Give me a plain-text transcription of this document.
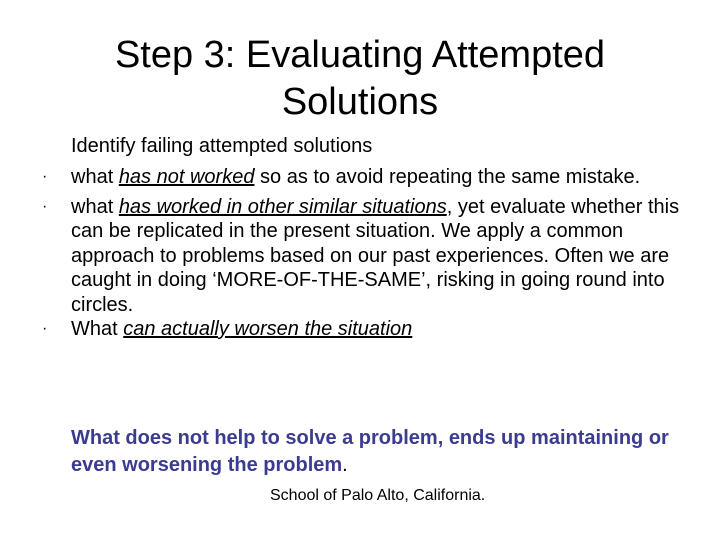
Step 3: Evaluating Attempted
Solutions
Identify failing attempted solutions
· what has not worked so as to avoid repeating the same mistake.
· what has worked in other similar situations, yet evaluate whether this can be replicated in the present situation. We apply a common approach to problems based on our past experiences. Often we are caught in doing ‘MORE-OF-THE-SAME’, risking in going round into circles.
· What can actually worsen the situation
What does not help to solve a problem, ends up maintaining or even worsening the problem.
School of Palo Alto, California.
